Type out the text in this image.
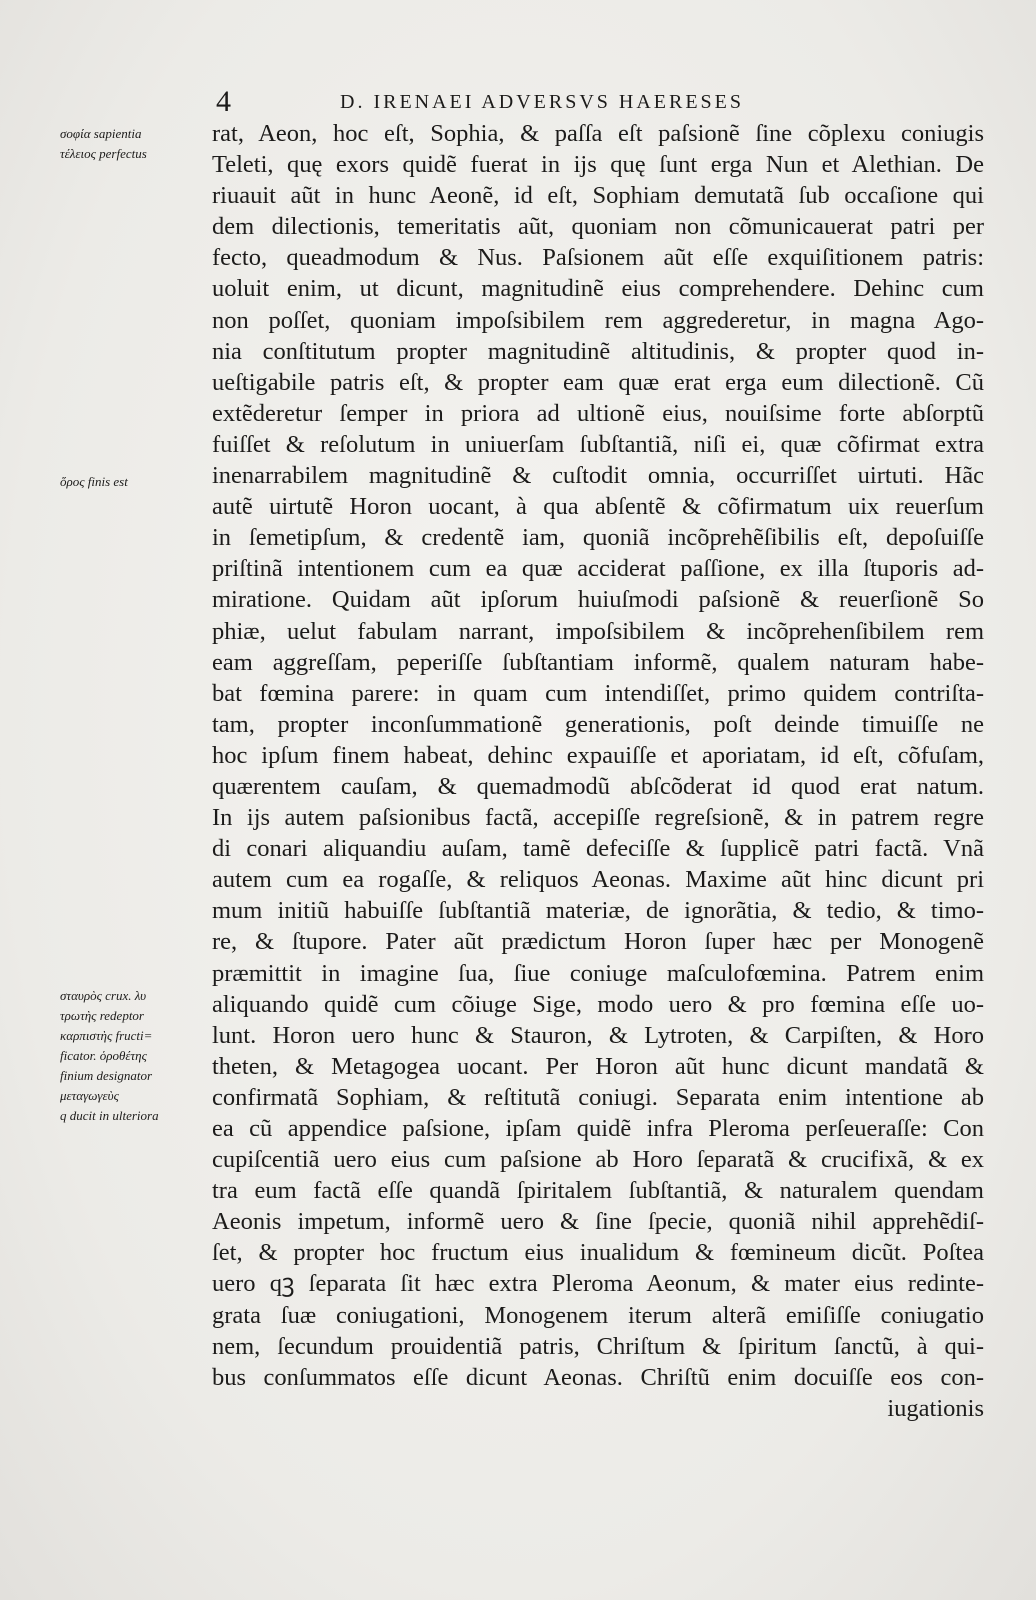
4	D. IRENAEI ADVERSVS HAERESES
σοφία sapientia
τέλειος perfectus
ὅρος finis est
σταυρὸς crux. λυ
τρωτὴς redeptor
καρπιστὴς fructi=
ficator. ὁροθέτης
finium designator
μεταγωγεὺς
q ducit in ulteriora
rat, Aeon, hoc eſt, Sophia, & paſſa eſt paſsionẽ ſine cõplexu coniugis
Teleti, quę exors quidẽ fuerat in ijs quę ſunt erga Nun et Alethian. De
riuauit aũt in hunc Aeonẽ, id eſt, Sophiam demutatã ſub occaſione qui
dem dilectionis, temeritatis aũt, quoniam non cõmunicauerat patri per
fecto, queadmodum & Nus. Paſsionem aũt eſſe exquiſitionem patris:
uoluit enim, ut dicunt, magnitudinẽ eius comprehendere. Dehinc cum
non poſſet, quoniam impoſsibilem rem aggrederetur, in magna Ago-
nia conſtitutum propter magnitudinẽ altitudinis, & propter quod in-
ueſtigabile patris eſt, & propter eam quæ erat erga eum dilectionẽ. Cũ
extẽderetur ſemper in priora ad ultionẽ eius, nouiſsime forte abſorptũ
fuiſſet & reſolutum in uniuerſam ſubſtantiã, niſi ei, quæ cõfirmat extra
inenarrabilem magnitudinẽ & cuſtodit omnia, occurriſſet uirtuti. Hãc
autẽ uirtutẽ Horon uocant, à qua abſentẽ & cõfirmatum uix reuerſum
in ſemetipſum, & credentẽ iam, quoniã incõprehẽſibilis eſt, depoſuiſſe
priſtinã intentionem cum ea quæ acciderat paſſione, ex illa ſtuporis ad-
miratione. Quidam aũt ipſorum huiuſmodi paſsionẽ & reuerſionẽ So
phiæ, uelut fabulam narrant, impoſsibilem & incõprehenſibilem rem
eam aggreſſam, peperiſſe ſubſtantiam informẽ, qualem naturam habe-
bat fœmina parere: in quam cum intendiſſet, primo quidem contriſta-
tam, propter inconſummationẽ generationis, poſt deinde timuiſſe ne
hoc ipſum finem habeat, dehinc expauiſſe et aporiatam, id eſt, cõfuſam,
quærentem cauſam, & quemadmodũ abſcõderat id quod erat natum.
In ijs autem paſsionibus factã, accepiſſe regreſsionẽ, & in patrem regre
di conari aliquandiu auſam, tamẽ defeciſſe & ſupplicẽ patri factã. Vnã
autem cum ea rogaſſe, & reliquos Aeonas. Maxime aũt hinc dicunt pri
mum initiũ habuiſſe ſubſtantiã materiæ, de ignorãtia, & tedio, & timo-
re, & ſtupore. Pater aũt prædictum Horon ſuper hæc per Monogenẽ
præmittit in imagine ſua, ſiue coniuge maſculofœmina. Patrem enim
aliquando quidẽ cum cõiuge Sige, modo uero & pro fœmina eſſe uo-
lunt. Horon uero hunc & Stauron, & Lytroten, & Carpiſten, & Horo
theten, & Metagogea uocant. Per Horon aũt hunc dicunt mandatã &
confirmatã Sophiam, & reſtitutã coniugi. Separata enim intentione ab
ea cũ appendice paſsione, ipſam quidẽ infra Pleroma perſeueraſſe: Con
cupiſcentiã uero eius cum paſsione ab Horo ſeparatã & crucifixã, & ex
tra eum factã eſſe quandã ſpiritalem ſubſtantiã, & naturalem quendam
Aeonis impetum, informẽ uero & ſine ſpecie, quoniã nihil apprehẽdiſ-
ſet, & propter hoc fructum eius inualidum & fœmineum dicũt. Poſtea
uero qꝫ ſeparata ſit hæc extra Pleroma Aeonum, & mater eius redinte-
grata ſuæ coniugationi, Monogenem iterum alterã emiſiſſe coniugatio
nem, ſecundum prouidentiã patris, Chriſtum & ſpiritum ſanctũ, à qui-
bus conſummatos eſſe dicunt Aeonas. Chriſtũ enim docuiſſe eos con-
iugationis
